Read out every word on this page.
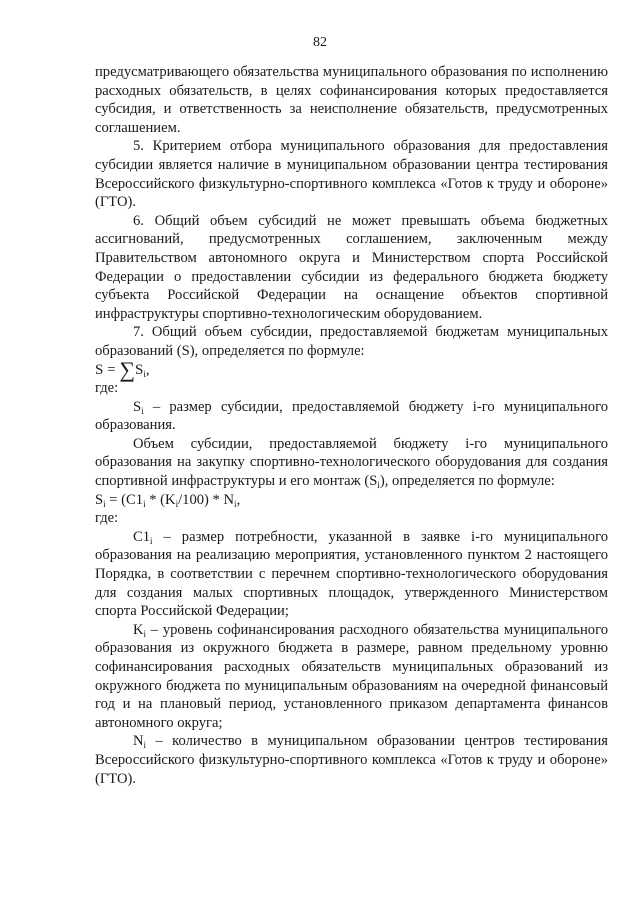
82

предусматривающего обязательства муниципального образования по исполнению расходных обязательств, в целях софинансирования которых предоставляется субсидия, и ответственность за неисполнение обязательств, предусмотренных соглашением.

5. Критерием отбора муниципального образования для предоставления субсидии является наличие в муниципальном образовании центра тестирования Всероссийского физкультурно-спортивного комплекса «Готов к труду и обороне» (ГТО).

6. Общий объем субсидий не может превышать объема бюджетных ассигнований, предусмотренных соглашением, заключенным между Правительством автономного округа и Министерством спорта Российской Федерации о предоставлении субсидии из федерального бюджета бюджету субъекта Российской Федерации на оснащение объектов спортивной инфраструктуры спортивно-технологическим оборудованием.

7. Общий объем субсидии, предоставляемой бюджетам муниципальных образований (S), определяется по формуле:

$S = \sum S_i$,

где:

$S_i$ – размер субсидии, предоставляемой бюджету i-го муниципального образования.

Объем субсидии, предоставляемой бюджету i-го муниципального образования на закупку спортивно-технологического оборудования для создания спортивной инфраструктуры и его монтаж $(S_i)$, определяется по формуле:

$S_i = (C1_i * (K_i/100) * N_i$,

где:

$C1_i$ – размер потребности, указанной в заявке i-го муниципального образования на реализацию мероприятия, установленного пунктом 2 настоящего Порядка, в соответствии с перечнем спортивно-технологического оборудования для создания малых спортивных площадок, утвержденного Министерством спорта Российской Федерации;

$K_i$ – уровень софинансирования расходного обязательства муниципального образования из окружного бюджета в размере, равном предельному уровню софинансирования расходных обязательств муниципальных образований из окружного бюджета по муниципальным образованиям на очередной финансовый год и на плановый период, установленного приказом департамента финансов автономного округа;

$N_i$ – количество в муниципальном образовании центров тестирования Всероссийского физкультурно-спортивного комплекса «Готов к труду и обороне» (ГТО).
